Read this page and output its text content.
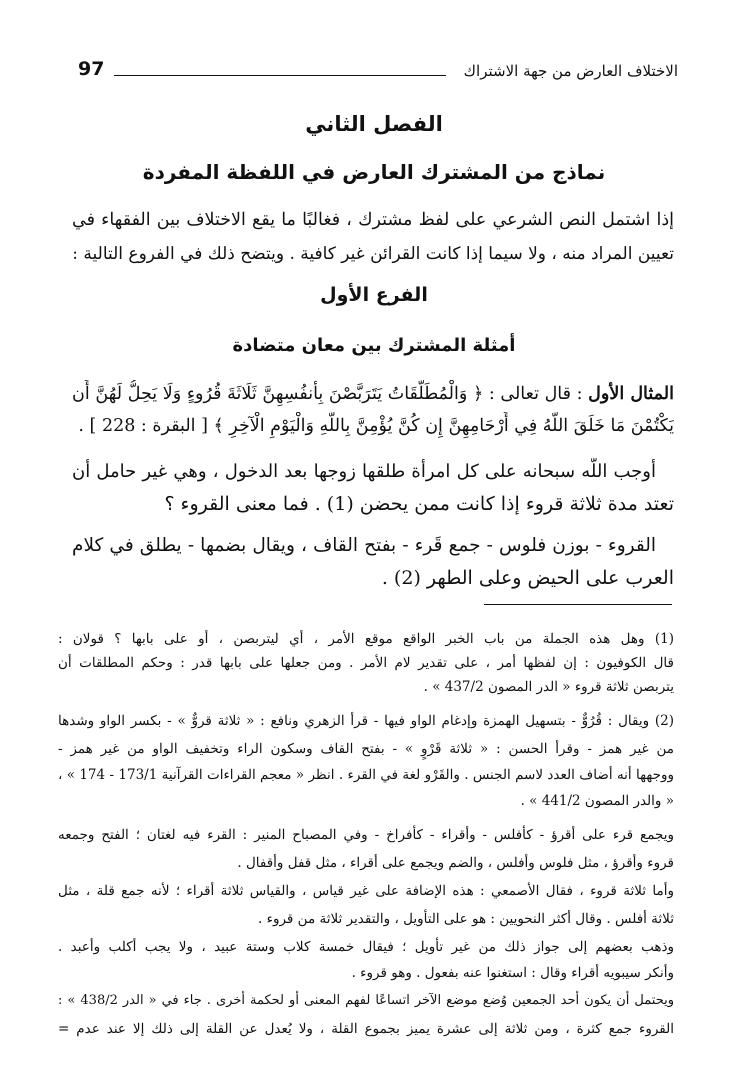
الاختلاف العارض من جهة الاشتراك
97
الفصل الثاني
نماذج من المشترك العارض في اللفظة المفردة
إذا اشتمل النص الشرعي على لفظ مشترك ، فغالبًا ما يقع الاختلاف بين الفقهاء في
تعيين المراد منه ، ولا سيما إذا كانت القرائن غير كافية . ويتضح ذلك في الفروع التالية :
الفرع الأول
أمثلة المشترك بين معان متضادة
المثال الأول : قال تعالى : ﴿ وَالْمُطَلَّقَاتُ يَتَرَبَّصْنَ بِأَنفُسِهِنَّ ثَلَاثَةَ قُرُوءٍ وَلَا يَحِلُّ لَهُنَّ أَن
يَكْتُمْنَ مَا خَلَقَ اللَّهُ فِي أَرْحَامِهِنَّ إِن كُنَّ يُؤْمِنَّ بِاللَّهِ وَالْيَوْمِ الْآخِرِ ﴾ [ البقرة : 228 ] .
أوجب اللّه سبحانه على كل امرأة طلقها زوجها بعد الدخول ، وهي غير حامل أن
تعتد مدة ثلاثة قروء إذا كانت ممن يحضن (1) . فما معنى القروء ؟
القروء - بوزن فلوس - جمع قَرء - بفتح القاف ، ويقال بضمها - يطلق في كلام
العرب على الحيض وعلى الطهر (2) .
(1) وهل هذه الجملة من باب الخبر الواقع موقع الأمر ، أي ليتربصن ، أو على بابها ؟ قولان :
قال الكوفيون : إن لفظها أمر ، على تقدير لام الأمر . ومن جعلها على بابها قدر : وحكم المطلقات أن
يتربصن ثلاثة قروء « الدر المصون 437/2 » .
(2) ويقال : قُرُوٌّ - بتسهيل الهمزة وإدغام الواو فيها - قرأ الزهري ونافع : « ثلاثة قروٌّ » - بكسر الواو وشدها
من غير همز - وقرأ الحسن : « ثلاثة قَرْوٍ » - بفتح القاف وسكون الراء وتخفيف الواو من غير همز -
ووجهها أنه أضاف العدد لاسم الجنس . والقَرْو لغة في القرء . انظر « معجم القراءات القرآنية 173/1 - 174 » ،
« والدر المصون 441/2 » .
ويجمع قرء على أقرؤ - كأفلس - وأقراء - كأفراخ - وفي المصباح المنير : القرء فيه لغتان ؛ الفتح وجمعه
قروء وأقرؤ ، مثل فلوس وأفلس ، والضم ويجمع على أقراء ، مثل قفل وأقفال .
وأما ثلاثة قروء ، فقال الأصمعي : هذه الإضافة على غير قياس ، والقياس ثلاثة أقراء ؛ لأنه جمع قلة ، مثل
ثلاثة أفلس . وقال أكثر النحويين : هو على التأويل ، والتقدير ثلاثة من قروء .
وذهب بعضهم إلى جواز ذلك من غير تأويل ؛ فيقال خمسة كلاب وستة عبيد ، ولا يجب أكلب وأعبد .
وأنكر سيبويه أقراء وقال : استغنوا عنه بفعول . وهو قروء .
ويحتمل أن يكون أحد الجمعين وُضع موضع الآخر اتساعًا لفهم المعنى أو لحكمة أخرى . جاء في « الدر 438/2 » :
القروء جمع كثرة ، ومن ثلاثة إلى عشرة يميز بجموع القلة ، ولا يُعدل عن القلة إلى ذلك إلا عند عدم =
